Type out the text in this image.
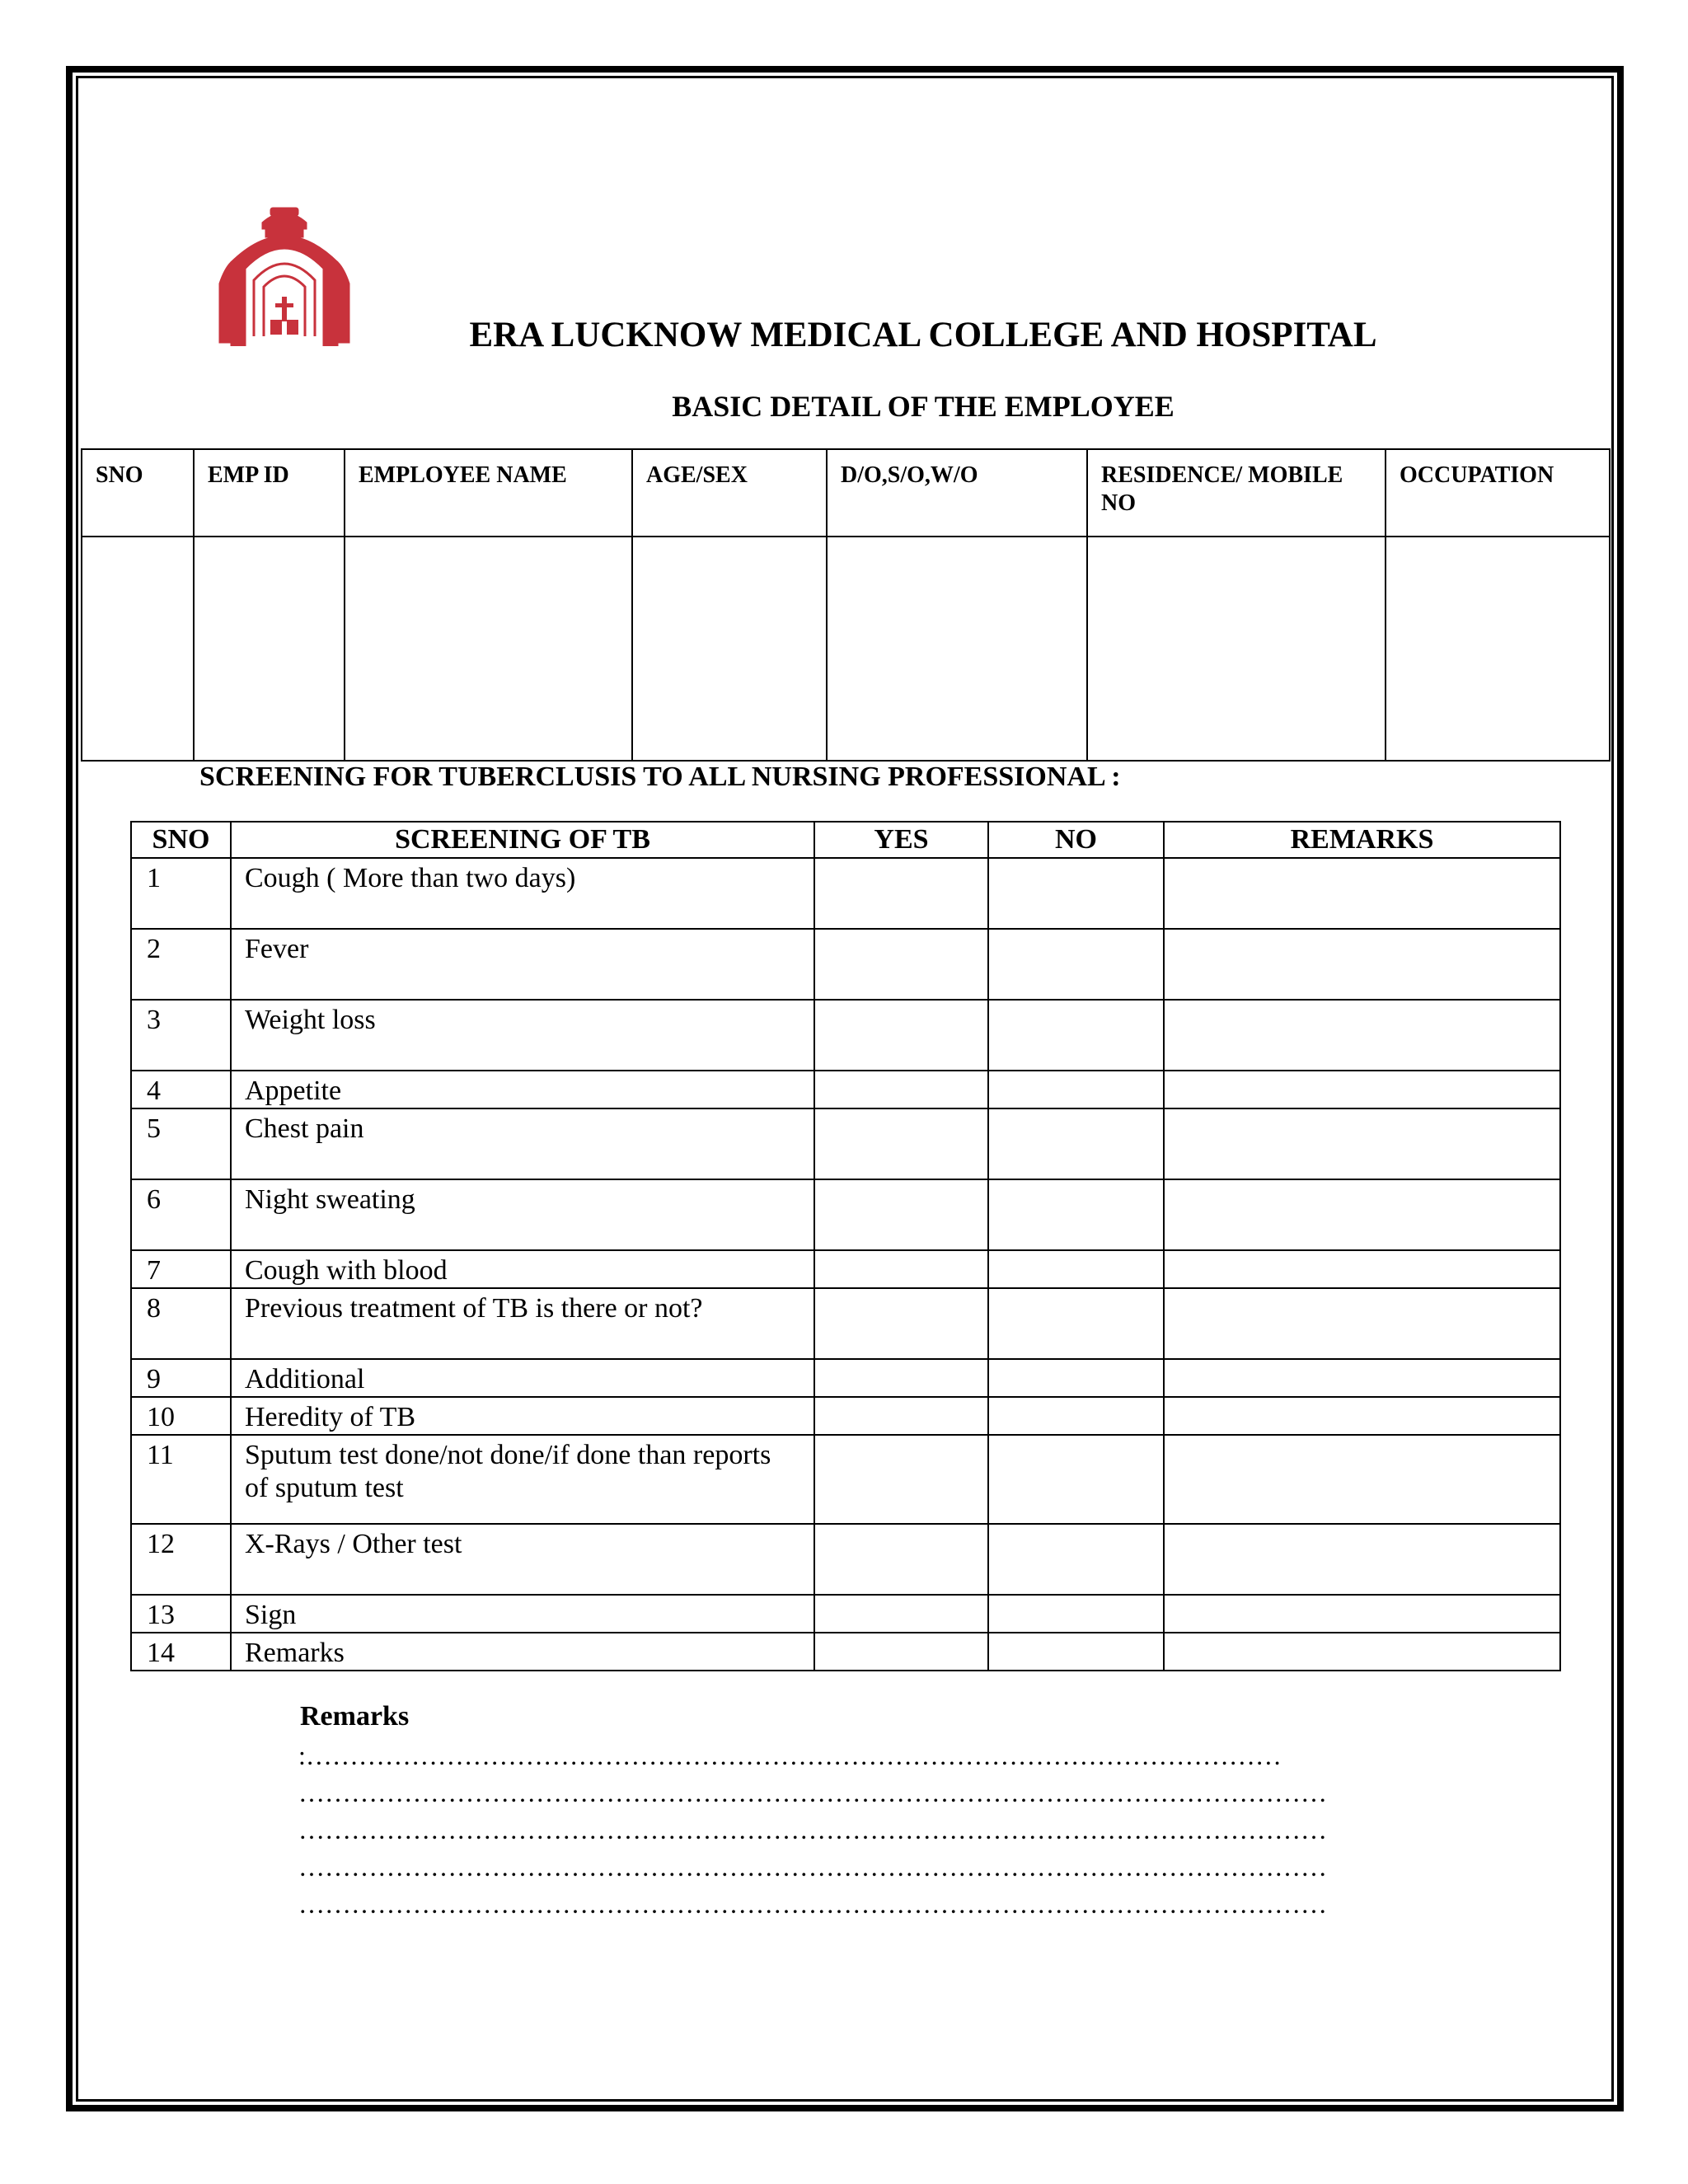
ERA LUCKNOW MEDICAL COLLEGE AND HOSPITAL
BASIC DETAIL OF THE EMPLOYEE
SNO	EMP ID	EMPLOYEE NAME	AGE/SEX	D/O,S/O,W/O	RESIDENCE/ MOBILE NO	OCCUPATION

SCREENING FOR TUBERCLUSIS TO ALL NURSING PROFESSIONAL :
SNO	SCREENING OF TB	YES	NO	REMARKS
1	Cough ( More than two days)			
2	Fever			
3	Weight loss			
4	Appetite			
5	Chest pain			
6	Night sweating			
7	Cough with blood			
8	Previous treatment of TB is there or not?			
9	Additional			
10	Heredity of TB			
11	Sputum test done/not done/if done than reports of sputum test			
12	X-Rays / Other test			
13	Sign			
14	Remarks			
Remarks
:…………………………………………………………………………………………………
………………………………………………………………………………………………………
………………………………………………………………………………………………………
………………………………………………………………………………………………………
………………………………………………………………………………………………………
